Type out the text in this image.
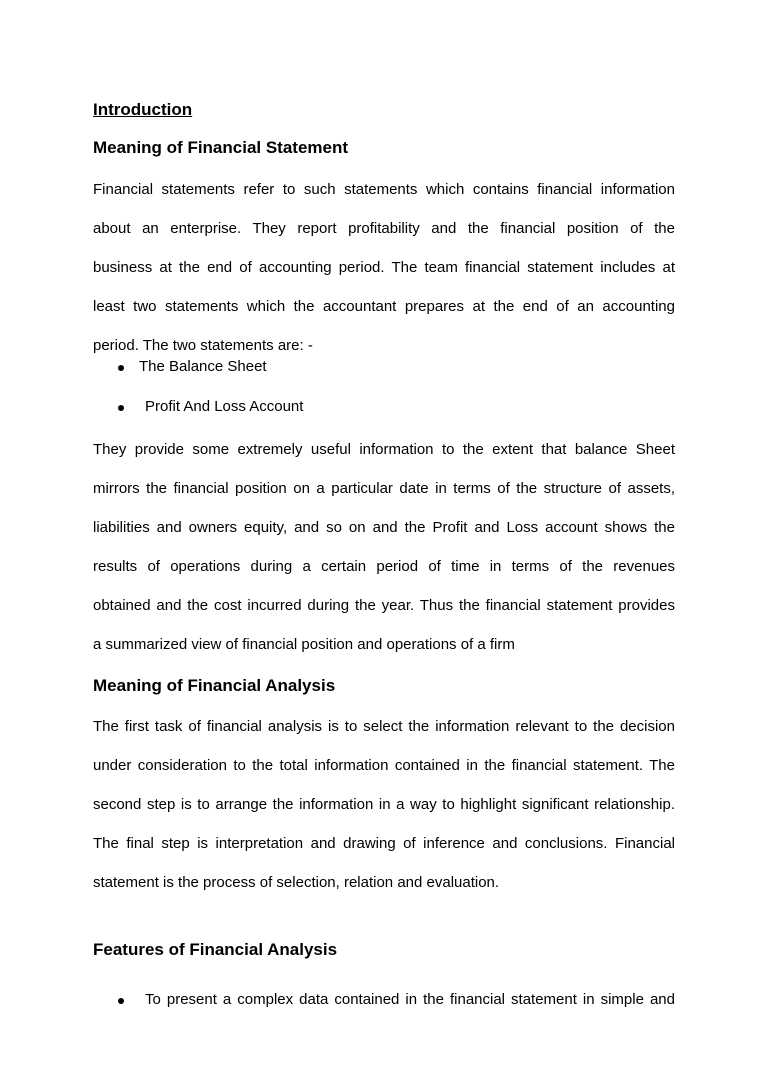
Introduction
Meaning of Financial Statement
Financial statements refer to such statements which contains financial information
about an enterprise. They report profitability and the financial position of the
business at the end of accounting period. The team financial statement includes at
least two statements which the accountant prepares at the end of an accounting
period. The two statements are: -
The Balance Sheet
Profit And Loss Account
They provide some extremely useful information to the extent that balance Sheet
mirrors the financial position on a particular date in terms of the structure of assets,
liabilities and owners equity, and so on and the Profit and Loss account shows the
results of operations during a certain period of time in terms of the revenues
obtained and the cost incurred during the year. Thus the financial statement provides
a summarized view of financial position and operations of a firm
Meaning of Financial Analysis
The first task of financial analysis is to select the information relevant to the decision
under consideration to the total information contained in the financial statement. The
second step is to arrange the information in a way to highlight significant relationship.
The final step is interpretation and drawing of inference and conclusions. Financial
statement is the process of selection, relation and evaluation.
Features of Financial Analysis
To present a complex data contained in the financial statement in simple and
